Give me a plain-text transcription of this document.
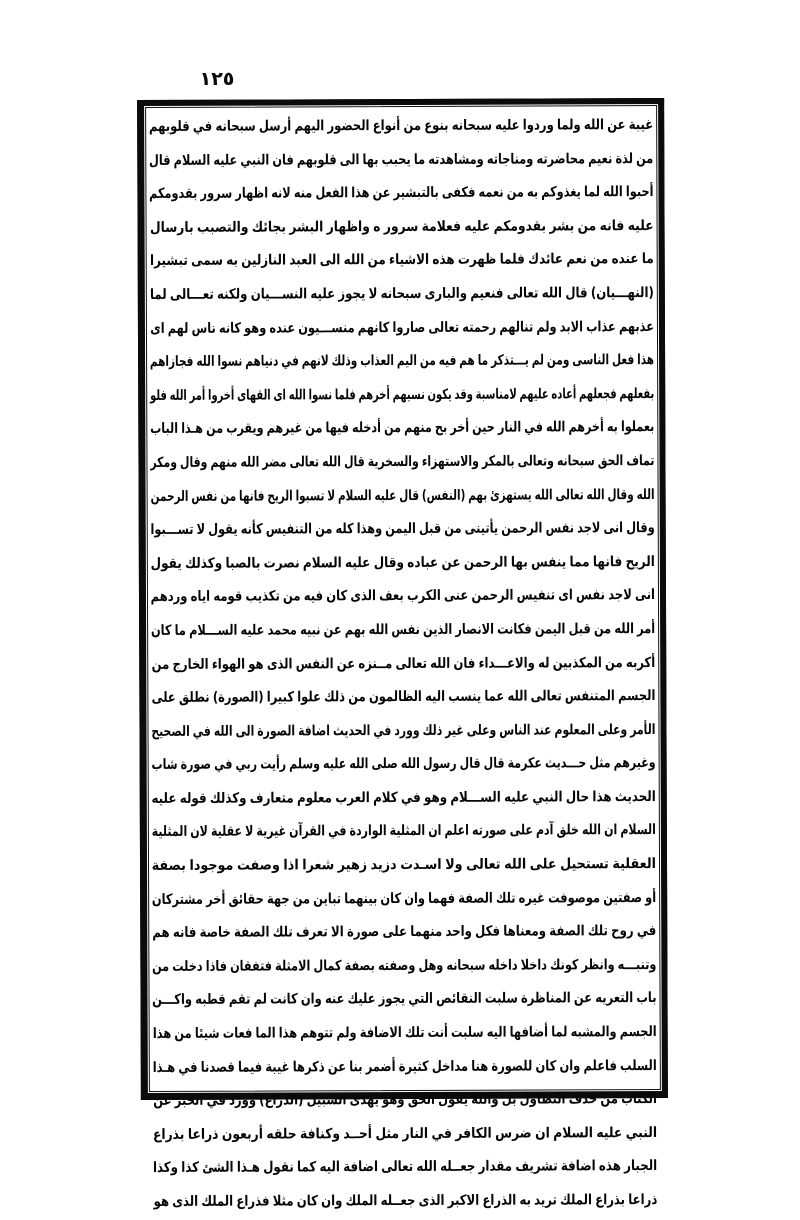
١٢٥
غيبة عن الله ولما وردوا عليه سبحانه بنوع من أنواع الحضور اليهم أرسل سبحانه في قلوبهم
من لذة نعيم محاضرته ومناجاته ومشاهدته ما يحبب بها الى قلوبهم فان النبي عليه السلام قال
أحبوا الله لما يغذوكم به من نعمه فكفى بالتبشير عن هذا الفعل منه لانه اظهار سرور بقدومكم
عليه فانه من بشر بقدومكم عليه فعلامة سرور ه واظهار البشر بجائك والتصبب بارسال
ما عنده من نعم عائدك فلما ظهرت هذه الاشياء من الله الى العبد النازلين به سمى تبشيرا
(النهـــيان) قال الله تعالى فنعيم والبارى سبحانه لا يجوز عليه النســـيان ولكنه تعـــالى لما
عذبهم عذاب الابد ولم تنالهم رحمته تعالى صاروا كانهم منســـيون عنده وهو كانه ناس لهم اى
هذا فعل الناسى ومن لم يـــتذكر ما هم فيه من اليم العذاب وذلك لانهم في دنياهم نسوا الله فجازاهم
بفعلهم فجعلهم أعاده عليهم لامناسبة وقد يكون نسيهم أخرهم فلما نسوا الله اى القهاى أخروا أمر الله فلو
بعملوا به أخرهم الله في النار حين أخر بح منهم من أدخله فيها من غيرهم ويقرب من هـذا الباب
تماف الحق سبحانه وتعالى بالمكر والاستهزاء والسخرية قال الله تعالى مضر الله منهم وقال ومكر
الله وقال الله تعالى الله يستهزئ بهم (النفس) قال عليه السلام لا تسبوا الريح فانها من نفس الرحمن
وقال انى لاجد نفس الرحمن يأتينى من قبل اليمن وهذا كله من التنفيس كأنه يقول لا تســـبوا
الريح فانها مما ينفس بها الرحمن عن عباده وقال عليه السلام نصرت بالصبا وكذلك يقول
انى لاجد نفس اى تنفيس الرحمن عنى الكرب بعف الذى كان فيه من تكذيب قومه اياه وردهم
أمر الله من قبل اليمن فكانت الانصار الذين نفس الله بهم عن نبيه محمد عليه الســـلام ما كان
أكربه من المكذبين له والاعـــداء فان الله تعالى مــنزه عن النفس الذى هو الهواء الخارج من
الجسم المتنفس تعالى الله عما ينسب اليه الظالمون من ذلك علوا كبيرا (الصورة) نطلق على
الأمر وعلى المعلوم عند الناس وعلى غير ذلك وورد في الحديث اضافة الصورة الى الله في الصحيح
وغيرهم مثل حـــديث عكرمة قال قال رسول الله صلى الله عليه وسلم رأيت ربي في صورة شاب
الحديث هذا حال النبي عليه الســـلام وهو في كلام العرب معلوم متعارف وكذلك قوله عليه
السلام ان الله خلق آدم على صورته اعلم ان المثلية الواردة في القرآن غيرية لا عقلية لان المثلية
العقلية تستحيل على الله تعالى ولا اسـدت دزيد زهير شعرا اذا وصفت موجودا بصفة
أو صفتين موصوفت غيره تلك الصفة فهما وان كان بينهما تباين من جهة حقائق أخر مشتركان
في روح تلك الصفة ومعناها فكل واحد منهما على صورة الا تعرف تلك الصفة خاصة فانه هم
وتنبـــه وانظر كونك داخلا داخله سبحانه وهل وصفته بصفة كمال الامثلة فتفقان فاذا دخلت من
باب التعريه عن المناظرة سلبت النقائص التي يجوز عليك عنه وان كانت لم تقم قطبه واكـــن
الجسم والمشبه لما أضافها اليه سلبت أنت تلك الاضافة ولم تتوهم هذا الما فعات شيئا من هذا
السلب فاعلم وان كان للصورة هنا مداخل كثيرة أضمر بنا عن ذكرها غيبة فيما قصدنا في هـذا
الكتاب من حذف التطاول بل والله يقول الحق وهو يهدى السبيل (الذراع) وورد في الخبر عن
النبي عليه السلام ان ضرس الكافر في النار مثل أحــد وكنافة حلقه أربعون ذراعا بذراع
الجبار هذه اضافة تشريف مقدار جعــله الله تعالى اضافة اليه كما نقول هـذا الشئ كذا وكذا
ذراعا بذراع الملك تريد به الذراع الاكبر الذى جعــله الملك وان كان مثلا فذراع الملك الذى هو
